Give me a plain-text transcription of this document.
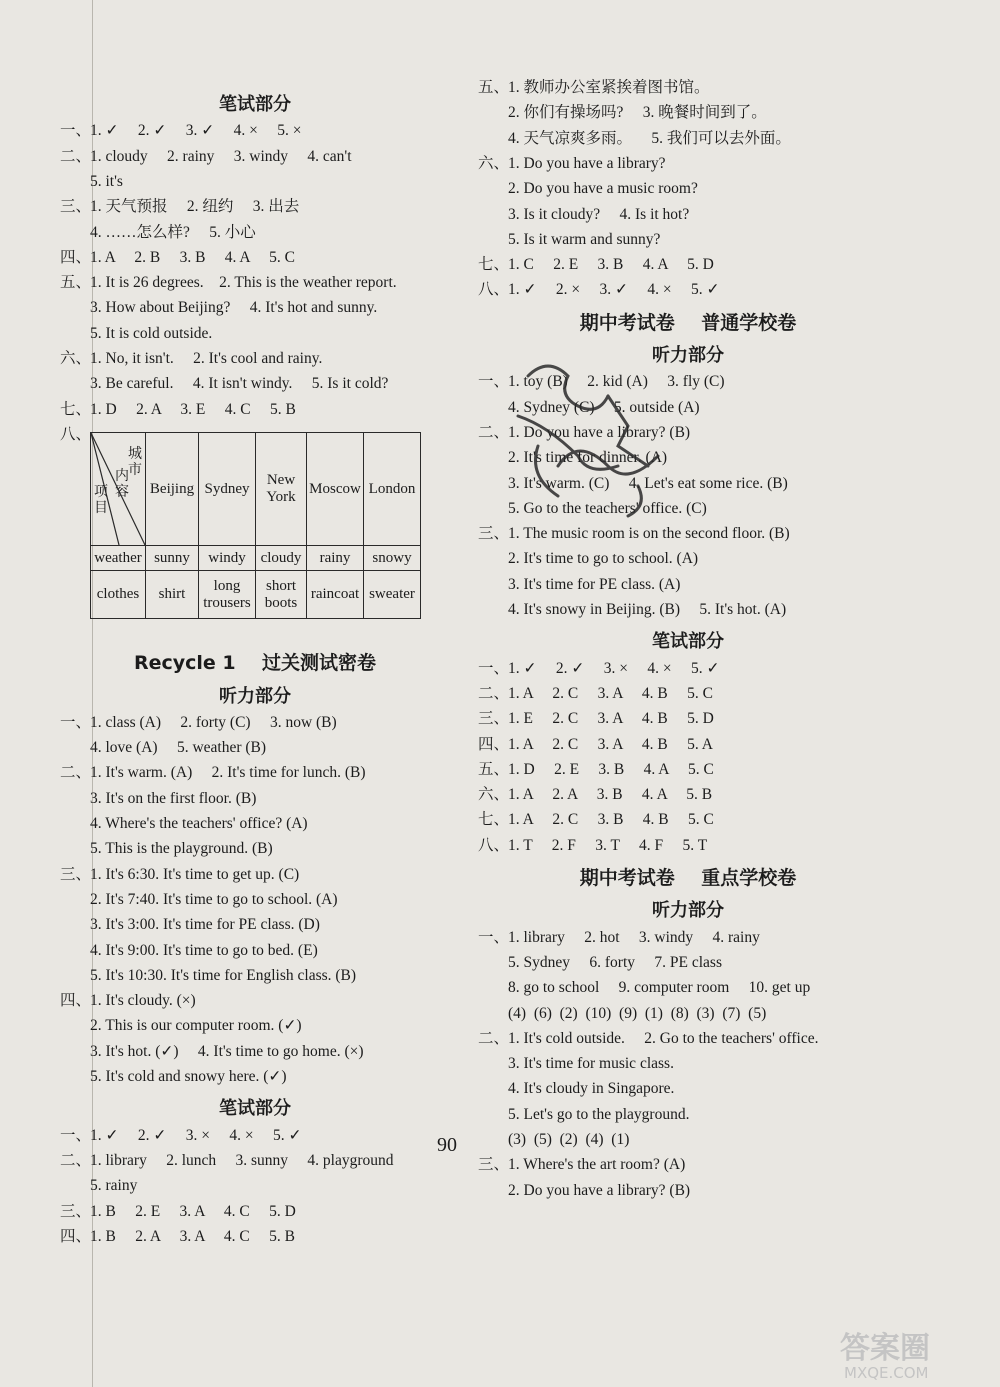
笔试部分
一、1. ✓     2. ✓     3. ✓     4. ×     5. ×
二、1. cloudy     2. rainy     3. windy     4. can't
5. it's
三、1. 天气预报     2. 纽约     3. 出去
4. ……怎么样?     5. 小心
四、1. A     2. B     3. B     4. A     5. C
五、1. It is 26 degrees.    2. This is the weather report.
3. How about Beijing?     4. It's hot and sunny.
5. It is cold outside.
六、1. No, it isn't.     2. It's cool and rainy.
3. Be careful.     4. It isn't windy.     5. Is it cold?
七、1. D     2. A     3. E     4. C     5. B
八、
Recycle 1    过关测试密卷
听力部分
一、1. class (A)     2. forty (C)     3. now (B)
4. love (A)     5. weather (B)
二、1. It's warm. (A)     2. It's time for lunch. (B)
3. It's on the first floor. (B)
4. Where's the teachers' office? (A)
5. This is the playground. (B)
三、1. It's 6:30. It's time to get up. (C)
2. It's 7:40. It's time to go to school. (A)
3. It's 3:00. It's time for PE class. (D)
4. It's 9:00. It's time to go to bed. (E)
5. It's 10:30. It's time for English class. (B)
四、1. It's cloudy. (×)
2. This is our computer room. (✓)
3. It's hot. (✓)     4. It's time to go home. (×)
5. It's cold and snowy here. (✓)
笔试部分
一、1. ✓     2. ✓     3. ×     4. ×     5. ✓
二、1. library     2. lunch     3. sunny     4. playground
5. rainy
三、1. B     2. E     3. A     4. C     5. D
四、1. B     2. A     3. A     4. C     5. B
城市
内容
项目	Beijing	Sydney	New York	Moscow	London
weather	sunny	windy	cloudy	rainy	snowy
clothes	shirt	long trousers	short boots	raincoat	sweater
五、1. 教师办公室紧挨着图书馆。
2. 你们有操场吗?     3. 晚餐时间到了。
4. 天气凉爽多雨。     5. 我们可以去外面。
六、1. Do you have a library?
2. Do you have a music room?
3. Is it cloudy?     4. Is it hot?
5. Is it warm and sunny?
七、1. C     2. E     3. B     4. A     5. D
八、1. ✓     2. ×     3. ✓     4. ×     5. ✓
期中考试卷    普通学校卷
听力部分
一、1. toy (B)     2. kid (A)     3. fly (C)
4. Sydney (C)     5. outside (A)
二、1. Do you have a library? (B)
2. It's time for dinner. (A)
3. It's warm. (C)     4. Let's eat some rice. (B)
5. Go to the teachers' office. (C)
三、1. The music room is on the second floor. (B)
2. It's time to go to school. (A)
3. It's time for PE class. (A)
4. It's snowy in Beijing. (B)     5. It's hot. (A)
笔试部分
一、1. ✓     2. ✓     3. ×     4. ×     5. ✓
二、1. A     2. C     3. A     4. B     5. C
三、1. E     2. C     3. A     4. B     5. D
四、1. A     2. C     3. A     4. B     5. A
五、1. D     2. E     3. B     4. A     5. C
六、1. A     2. A     3. B     4. A     5. B
七、1. A     2. C     3. B     4. B     5. C
八、1. T     2. F     3. T     4. F     5. T
期中考试卷    重点学校卷
听力部分
一、1. library     2. hot     3. windy     4. rainy
5. Sydney     6. forty     7. PE class
8. go to school     9. computer room     10. get up
(4)  (6)  (2)  (10)  (9)  (1)  (8)  (3)  (7)  (5)
二、1. It's cold outside.     2. Go to the teachers' office.
3. It's time for music class.
4. It's cloudy in Singapore.
5. Let's go to the playground.
(3)  (5)  (2)  (4)  (1)
三、1. Where's the art room? (A)
2. Do you have a library? (B)
90
答案圈
MXQE.COM
